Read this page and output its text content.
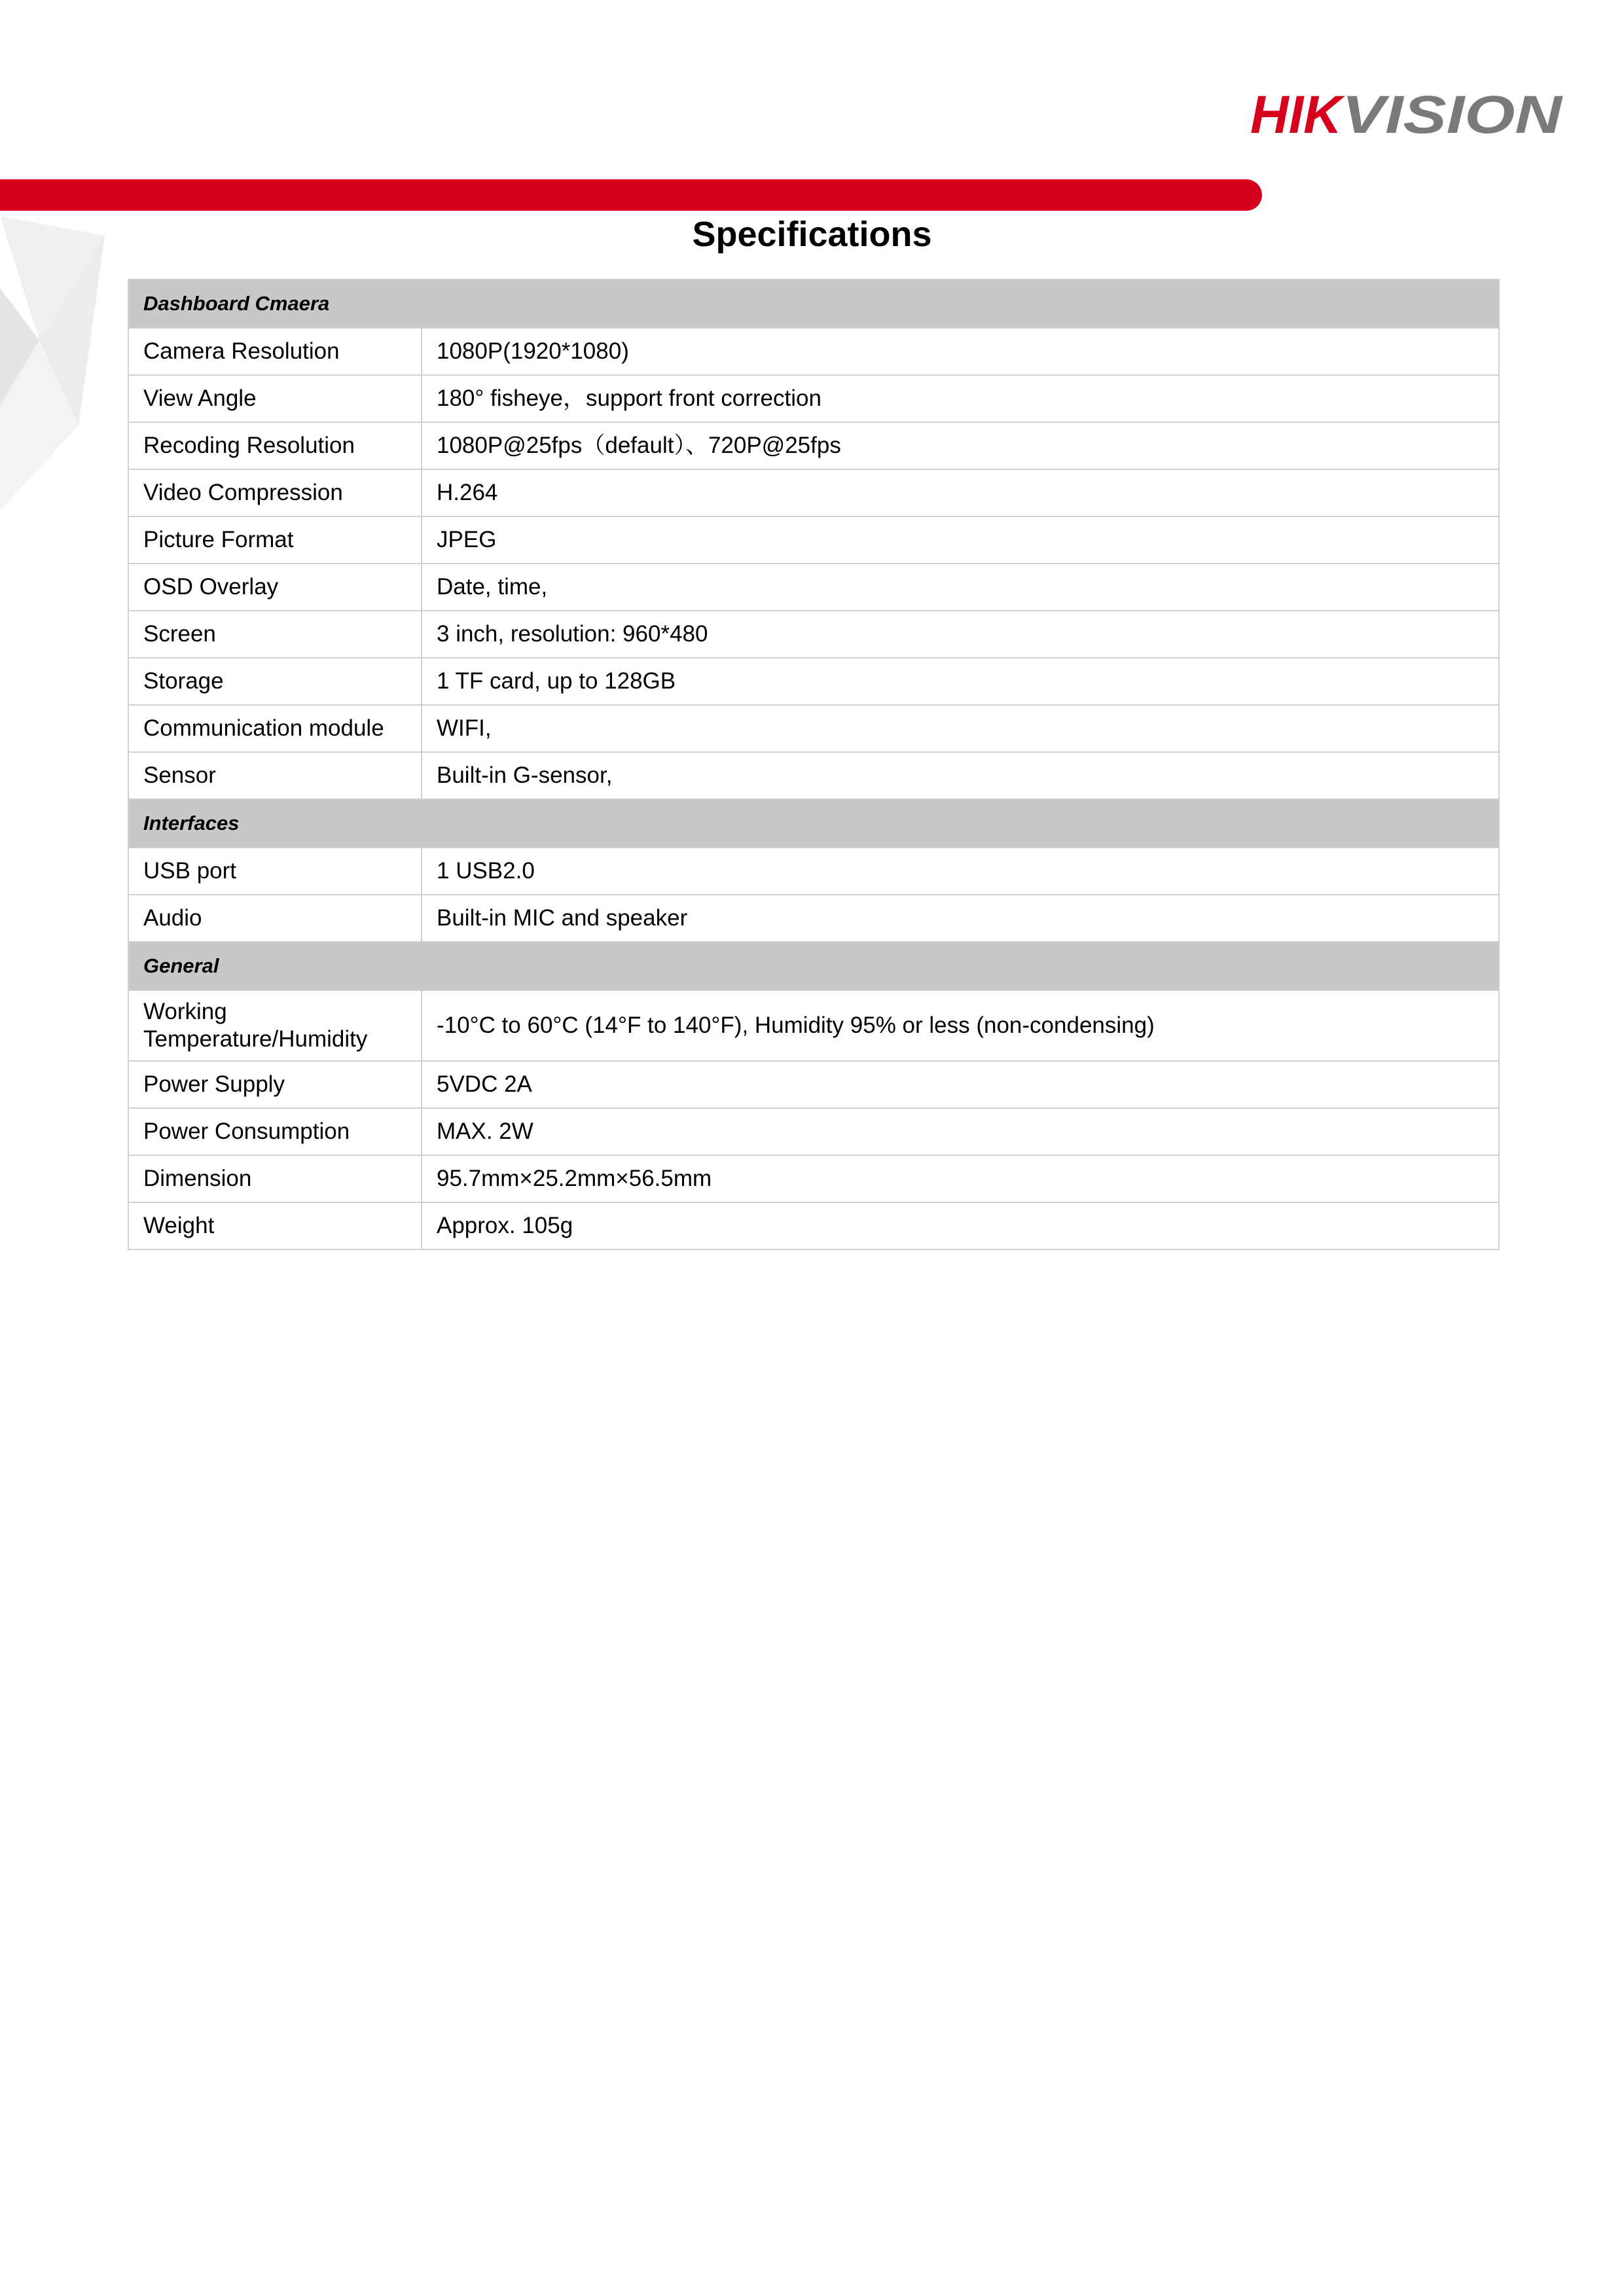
HIK
VISION
Specifications
Dashboard Cmaera	
Camera Resolution	1080P(1920*1080)
View Angle	180° fisheye，support front correction
Recoding Resolution	1080P@25fps（default）、720P@25fps
Video Compression	H.264
Picture Format	JPEG
OSD Overlay	Date, time,
Screen	3 inch, resolution: 960*480
Storage	1 TF card, up to 128GB
Communication module	WIFI,
Sensor	Built-in G-sensor,
Interfaces	
USB port	1 USB2.0
Audio	Built-in MIC and speaker
General	
Working Temperature/Humidity	-10°C to 60°C (14°F to 140°F), Humidity 95% or less (non-condensing)
Power Supply	5VDC 2A
Power Consumption	MAX. 2W
Dimension	95.7mm×25.2mm×56.5mm
Weight	Approx. 105g
